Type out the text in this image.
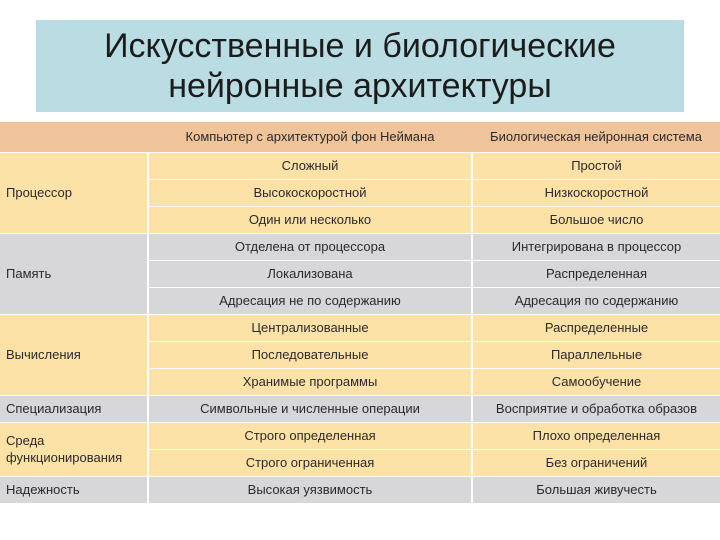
Искусственные и биологические
нейронные архитектуры
	Компьютер с архитектурой фон Неймана	Биологическая нейронная система
Процессор	Сложный	Простой
	Высокоскоростной	Низкоскоростной
	Один или несколько	Большое число
Память	Отделена от процессора	Интегрирована в процессор
	Локализована	Распределенная
	Адресация не по содержанию	Адресация по содержанию
Вычисления	Централизованные	Распределенные
	Последовательные	Параллельные
	Хранимые программы	Самообучение
Специализация	Символьные и численные операции	Восприятие и обработка образов
Среда функционирования	Строго определенная	Плохо определенная
	Строго ограниченная	Без ограничений
Надежность	Высокая уязвимость	Большая живучесть
